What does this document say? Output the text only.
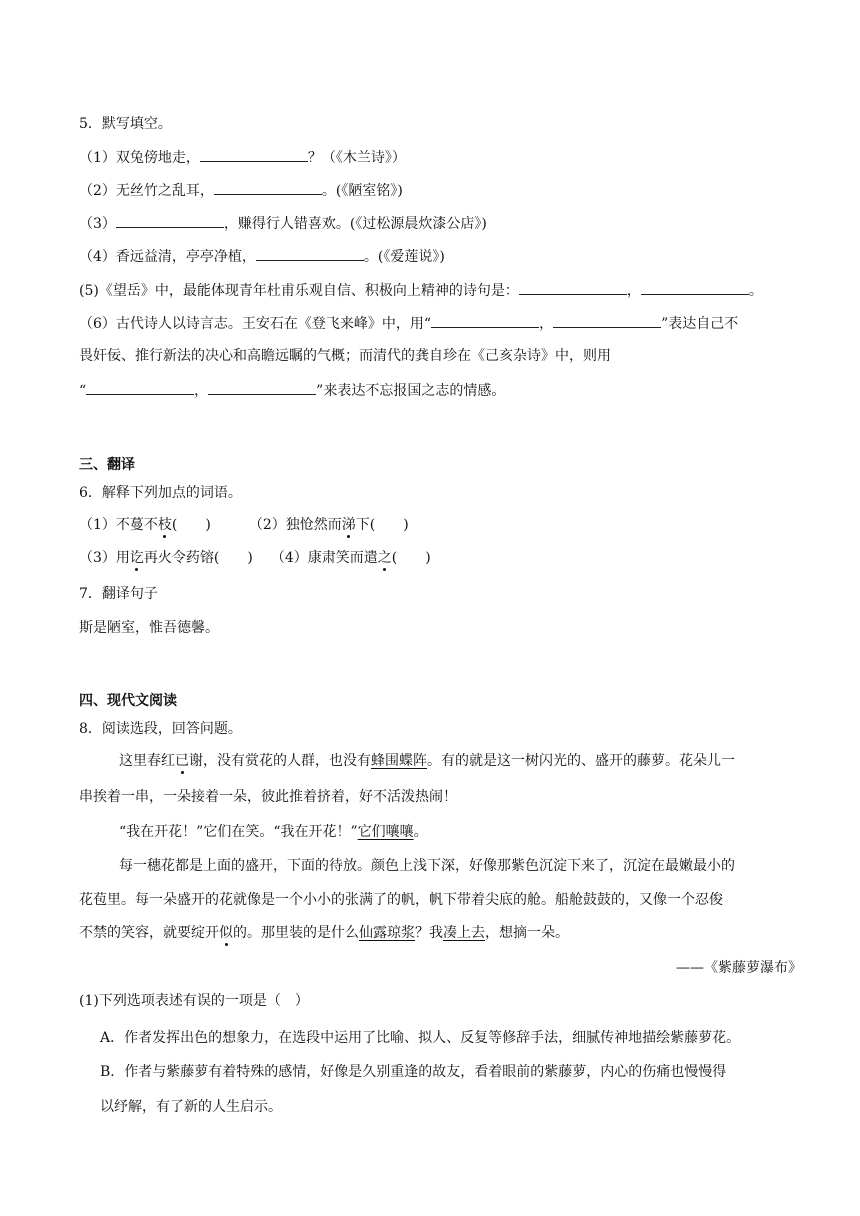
5．默写填空。
（1）双兔傍地走，	？（《木兰诗》）
（2）无丝竹之乱耳，	。(《陋室铭》)
（3）	，赚得行人错喜欢。(《过松源晨炊漆公店》)
（4）香远益清，亭亭净植，	。(《爱莲说》)
(5)《望岳》中，最能体现青年杜甫乐观自信、积极向上精神的诗句是：	，	。
（6）古代诗人以诗言志。王安石在《登飞来峰》中，用“	，	”表达自己不
畏奸佞、推行新法的决心和高瞻远瞩的气概；而清代的龚自珍在《己亥杂诗》中，则用
“	，	”来表达不忘报国之志的情感。
三、翻译
6．解释下列加点的词语。
（1）不蔓不枝(　　)	（2）独怆然而涕下(　　)
（3）用讫再火令药镕(　　) （4）康肃笑而遣之(　　)
7．翻译句子
斯是陋室，惟吾德馨。
四、现代文阅读
8．阅读选段，回答问题。
这里春红已谢，没有赏花的人群，也没有蜂围蝶阵。有的就是这一树闪光的、盛开的藤萝。花朵儿一
串挨着一串，一朵接着一朵，彼此推着挤着，好不活泼热闹！
“我在开花！”它们在笑。“我在开花！”它们嚷嚷。
每一穗花都是上面的盛开，下面的待放。颜色上浅下深，好像那紫色沉淀下来了，沉淀在最嫩最小的
花苞里。每一朵盛开的花就像是一个小小的张满了的帆，帆下带着尖底的舱。船舱鼓鼓的，又像一个忍俊
不禁的笑容，就要绽开似的。那里装的是什么仙露琼浆？我凑上去，想摘一朵。
——《紫藤萝瀑布》
(1)下列选项表述有误的一项是（　）
A．作者发挥出色的想象力，在选段中运用了比喻、拟人、反复等修辞手法，细腻传神地描绘紫藤萝花。
B．作者与紫藤萝有着特殊的感情，好像是久别重逢的故友，看着眼前的紫藤萝，内心的伤痛也慢慢得
以纾解，有了新的人生启示。
